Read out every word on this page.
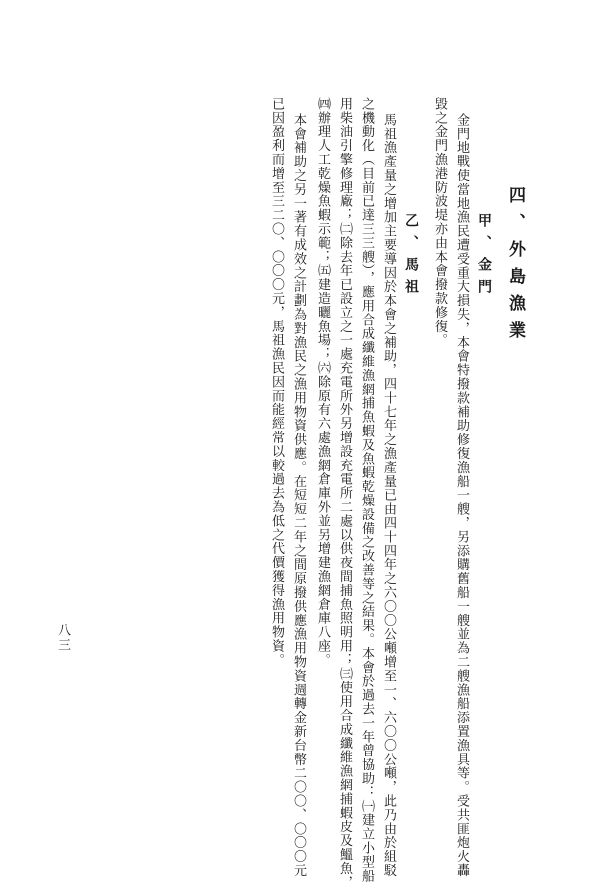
四、外島漁業
甲、金門
金門地戰使當地漁民遭受重大損失，本會特撥款補助修復漁船一艘，另添購舊船一艘並為二艘漁船添置漁具等。受共匪炮火轟
毀之金門漁港防波堤亦由本會撥款修復。
乙、馬祖
馬祖漁產量之增加主要導因於本會之補助，四十七年之漁產量已由四十四年之六〇〇公噸增至一、六〇〇公噸，此乃由於組駁
之機動化（目前已達三三艘），應用合成纖維漁網捕魚蝦及魚蝦乾燥設備之改善等之結果。本會於過去一年曾協助：㈠建立小型船
用柴油引擎修理廠；㈡除去年已設立之一處充電所外另增設充電所二處以供夜間捕魚照明用；㈢使用合成纖維漁網捕蝦皮及鰮魚，
㈣辦理人工乾燥魚蝦示範；㈤建造曬魚場；㈥除原有六處漁網倉庫外並另增建漁網倉庫八座。
本會補助之另一著有成效之計劃為對漁民之漁用物資供應。在短短二年之間原撥供應漁用物資週轉金新台幣二〇〇、〇〇〇元
已因盈利而增至三二〇、〇〇〇元，馬祖漁民因而能經常以較過去為低之代價獲得漁用物資。
八三
